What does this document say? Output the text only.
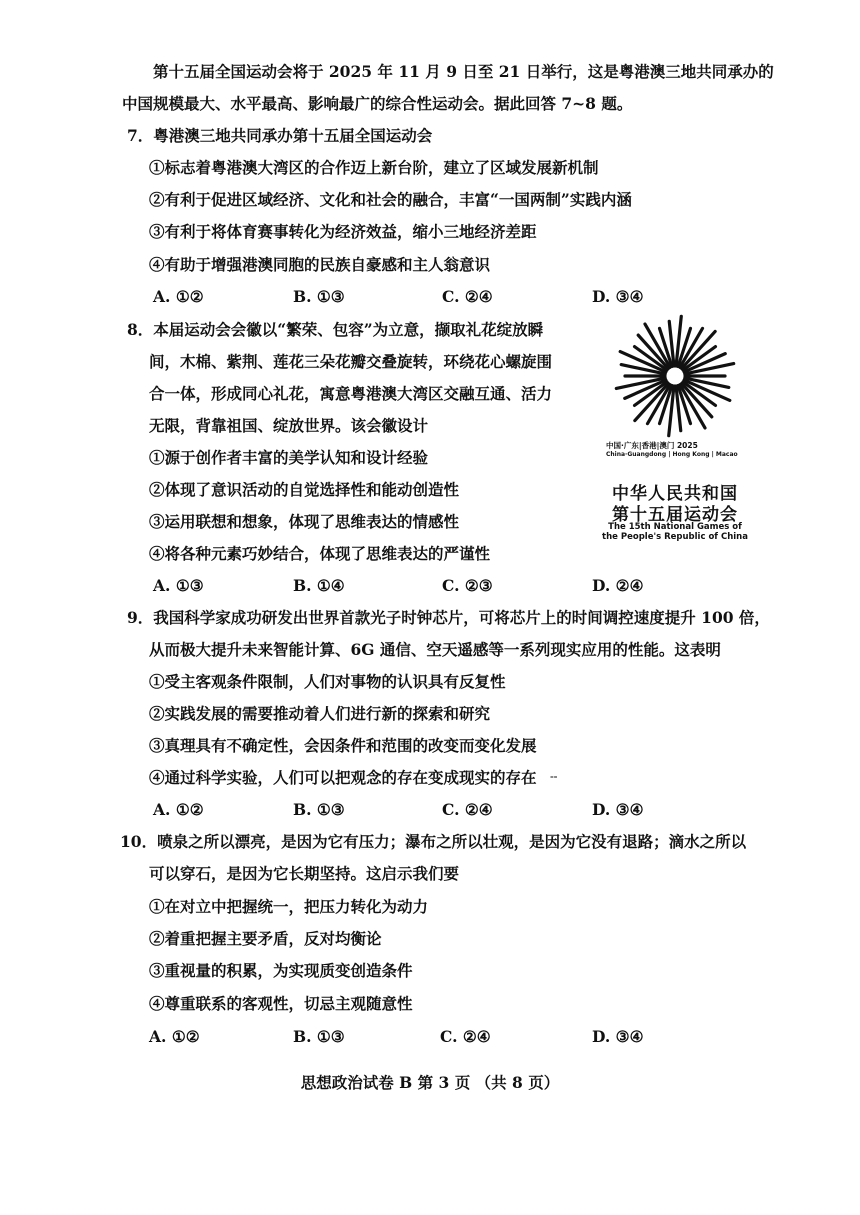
第十五届全国运动会将于 2025 年 11 月 9 日至 21 日举行，这是粤港澳三地共同承办的
中国规模最大、水平最高、影响最广的综合性运动会。据此回答 7~8 题。
7．粤港澳三地共同承办第十五届全国运动会
①标志着粤港澳大湾区的合作迈上新台阶，建立了区域发展新机制
②有利于促进区域经济、文化和社会的融合，丰富“一国两制”实践内涵
③有利于将体育赛事转化为经济效益，缩小三地经济差距
④有助于增强港澳同胞的民族自豪感和主人翁意识
A. ①②	B. ①③	C. ②④	D. ③④
8．本届运动会会徽以“繁荣、包容”为立意，撷取礼花绽放瞬
间，木棉、紫荆、莲花三朵花瓣交叠旋转，环绕花心螺旋围
合一体，形成同心礼花，寓意粤港澳大湾区交融互通、活力
无限，背靠祖国、绽放世界。该会徽设计
①源于创作者丰富的美学认知和设计经验
②体现了意识活动的自觉选择性和能动创造性
③运用联想和想象，体现了思维表达的情感性
④将各种元素巧妙结合，体现了思维表达的严谨性
A. ①③	B. ①④	C. ②③	D. ②④
中国·广东|香港|澳门 2025
China·Guangdong | Hong Kong | Macao
中华人民共和国
第十五届运动会
The 15th National Games of
the People's Republic of China
9．我国科学家成功研发出世界首款光子时钟芯片，可将芯片上的时间调控速度提升 100 倍，
从而极大提升未来智能计算、6G 通信、空天遥感等一系列现实应用的性能。这表明
①受主客观条件限制，人们对事物的认识具有反复性
②实践发展的需要推动着人们进行新的探索和研究
③真理具有不确定性，会因条件和范围的改变而变化发展
④通过科学实验，人们可以把观念的存在变成现实的存在 ╌
A. ①②	B. ①③	C. ②④	D. ③④
10．喷泉之所以漂亮，是因为它有压力；瀑布之所以壮观，是因为它没有退路；滴水之所以
可以穿石，是因为它长期坚持。这启示我们要
①在对立中把握统一，把压力转化为动力
②着重把握主要矛盾，反对均衡论
③重视量的积累，为实现质变创造条件
④尊重联系的客观性，切忌主观随意性
A. ①②	B. ①③	C. ②④	D. ③④
思想政治试卷 B 第 3 页 （共 8 页）
